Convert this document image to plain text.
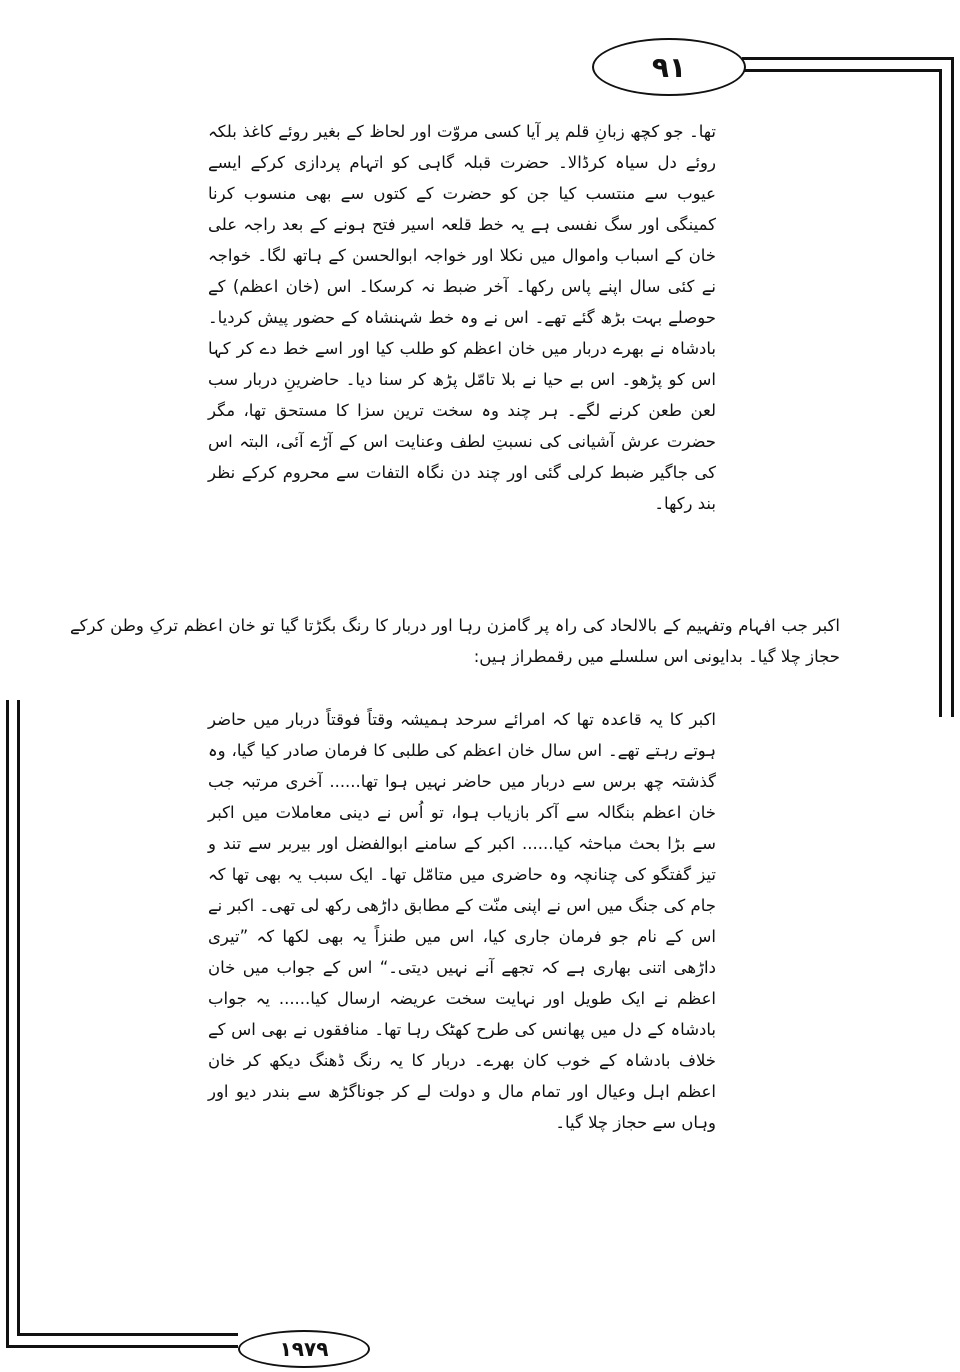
۹۱

تھا۔ جو کچھ زبانِ قلم پر آیا کسی مروّت اور لحاظ کے بغیر روئے کاغذ بلکہ روئے دل سیاہ کرڈالا۔ حضرت قبلہ گاہی کو اتہام پردازی کرکے ایسے عیوب سے منتسب کیا جن کو حضرت کے کتوں سے بھی منسوب کرنا کمینگی اور سگ نفسی ہے یہ خط قلعہ اسیر فتح ہونے کے بعد راجہ علی خان کے اسباب واموال میں نکلا اور خواجہ ابوالحسن کے ہاتھ لگا۔ خواجہ نے کئی سال اپنے پاس رکھا۔ آخر ضبط نہ کرسکا۔ اس (خان اعظم) کے حوصلے بہت بڑھ گئے تھے۔ اس نے وہ خط شہنشاہ کے حضور پیش کردیا۔ بادشاہ نے بھرے دربار میں خان اعظم کو طلب کیا اور اسے خط دے کر کہا اس کو پڑھو۔ اس بے حیا نے بلا تامّل پڑھ کر سنا دیا۔ حاضرینِ دربار سب لعن طعن کرنے لگے۔ ہر چند وہ سخت ترین سزا کا مستحق تھا، مگر حضرت عرش آشیانی کی نسبتِ لطف وعنایت اس کے آڑے آئی، البتہ اس کی جاگیر ضبط کرلی گئی اور چند دن نگاہ التفات سے محروم کرکے نظر بند رکھا۔

اکبر جب افہام وتفہیم کے بالالحاد کی راہ پر گامزن رہا اور دربار کا رنگ بگڑتا گیا تو خان اعظم ترکِ وطن کرکے حجاز چلا گیا۔ بدایونی اس سلسلے میں رقمطراز ہیں:

اکبر کا یہ قاعدہ تھا کہ امرائے سرحد ہمیشہ وقتاً فوقتاً دربار میں حاضر ہوتے رہتے تھے۔ اس سال خان اعظم کی طلبی کا فرمان صادر کیا گیا، وہ گذشتہ چھ برس سے دربار میں حاضر نہیں ہوا تھا...... آخری مرتبہ جب خان اعظم بنگالہ سے آکر بازیاب ہوا، تو اُس نے دینی معاملات میں اکبر سے بڑا بحث مباحثہ کیا...... اکبر کے سامنے ابوالفضل اور بیربر سے تند و تیز گفتگو کی چنانچہ وہ حاضری میں متامّل تھا۔ ایک سبب یہ بھی تھا کہ جام کی جنگ میں اس نے اپنی منّت کے مطابق داڑھی رکھ لی تھی۔ اکبر نے اس کے نام جو فرمان جاری کیا، اس میں طنزاً یہ بھی لکھا کہ ”تیری داڑھی اتنی بھاری ہے کہ تجھے آنے نہیں دیتی۔“ اس کے جواب میں خان اعظم نے ایک طویل اور نہایت سخت عریضہ ارسال کیا...... یہ جواب بادشاہ کے دل میں پھانس کی طرح کھٹک رہا تھا۔ منافقوں نے بھی اس کے خلاف بادشاہ کے خوب کان بھرے۔ دربار کا یہ رنگ ڈھنگ دیکھ کر خان اعظم اہل وعیال اور تمام مال و دولت لے کر جوناگڑھ سے بندر دیو اور وہاں سے حجاز چلا گیا۔

۱۹۷۹
